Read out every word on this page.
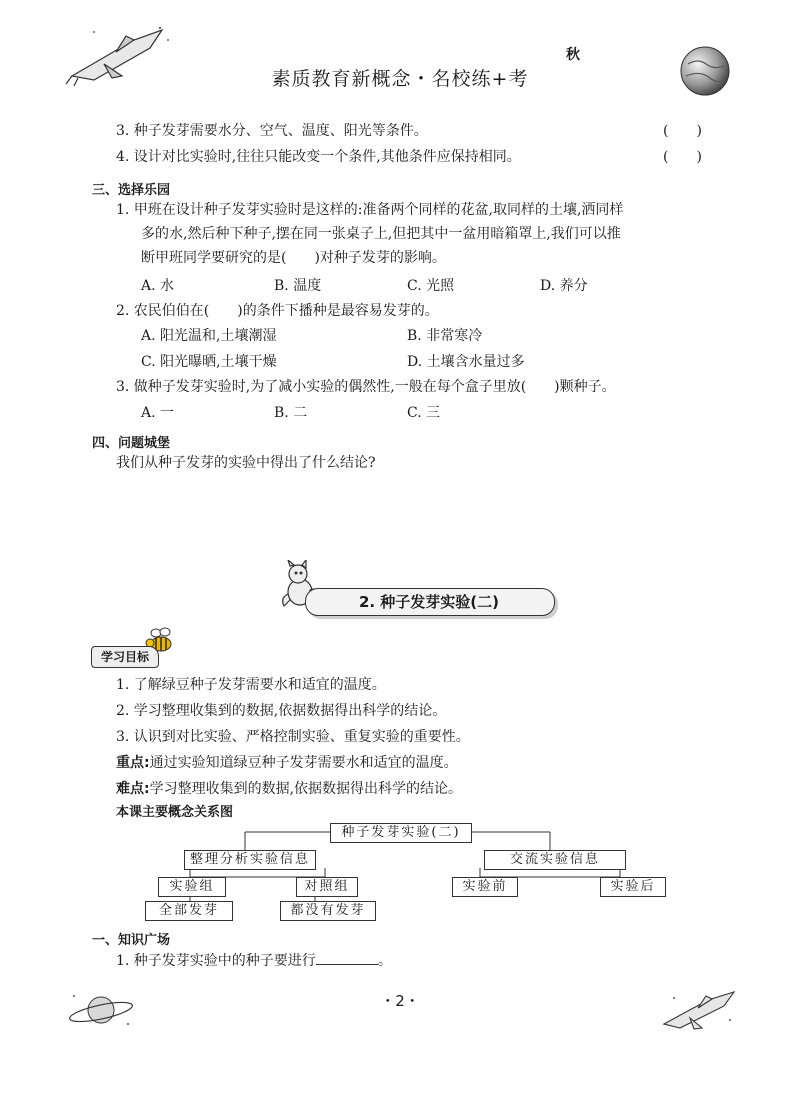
秋
素质教育新概念・名校练+考
3. 种子发芽需要水分、空气、温度、阳光等条件。	(　　)
4. 设计对比实验时,往往只能改变一个条件,其他条件应保持相同。	(　　)
三、选择乐园
1. 甲班在设计种子发芽实验时是这样的:准备两个同样的花盆,取同样的土壤,洒同样
多的水,然后种下种子,摆在同一张桌子上,但把其中一盆用暗箱罩上,我们可以推
断甲班同学要研究的是(　　)对种子发芽的影响。
A. 水	B. 温度	C. 光照	D. 养分
2. 农民伯伯在(　　)的条件下播种是最容易发芽的。
A. 阳光温和,土壤潮湿	B. 非常寒冷
C. 阳光曝晒,土壤干燥	D. 土壤含水量过多
3. 做种子发芽实验时,为了减小实验的偶然性,一般在每个盒子里放(　　)颗种子。
A. 一	B. 二	C. 三
四、问题城堡
我们从种子发芽的实验中得出了什么结论?
2. 种子发芽实验(二)
学习目标
1. 了解绿豆种子发芽需要水和适宜的温度。
2. 学习整理收集到的数据,依据数据得出科学的结论。
3. 认识到对比实验、严格控制实验、重复实验的重要性。
重点:通过实验知道绿豆种子发芽需要水和适宜的温度。
难点:学习整理收集到的数据,依据数据得出科学的结论。
本课主要概念关系图
种子发芽实验(二)
整理分析实验信息	交流实验信息
实验组	对照组	实验前	实验后
全部发芽	都没有发芽
一、知识广场
1. 种子发芽实验中的种子要进行	。
・2・
